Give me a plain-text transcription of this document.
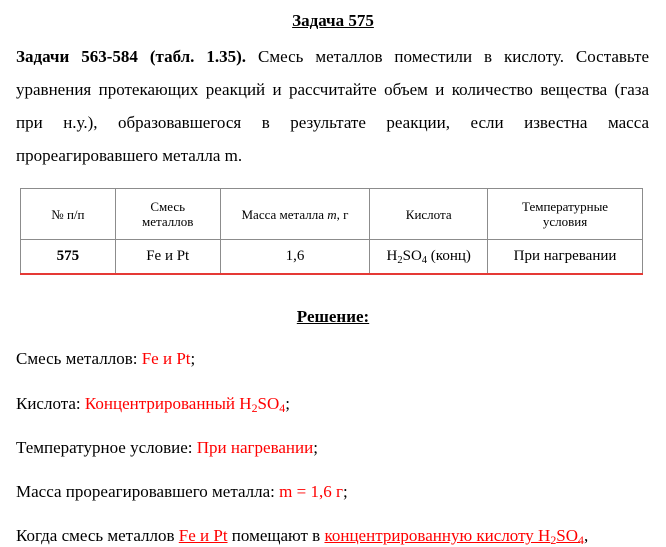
Задача 575
Задачи 563-584 (табл. 1.35). Смесь металлов поместили в кислоту. Составьте уравнения протекающих реакций и рассчитайте объем и количество вещества (газа при н.у.), образовавшегося в результате реакции, если известна масса прореагировавшего металла m.
№ п/п	Смесь металлов	Масса металла m, г	Кислота	Температурные условия
575	Fe и Pt	1,6	$H_2SO_4$ (конц)	При нагревании
Решение:
Смесь металлов: Fe и Pt;
Кислота: Концентрированный $H_2SO_4$;
Температурное условие: При нагревании;
Масса прореагировавшего металла: m = 1,6 г;
Когда смесь металлов Fe и Pt помещают в концентрированную кислоту $H_2SO_4$,
